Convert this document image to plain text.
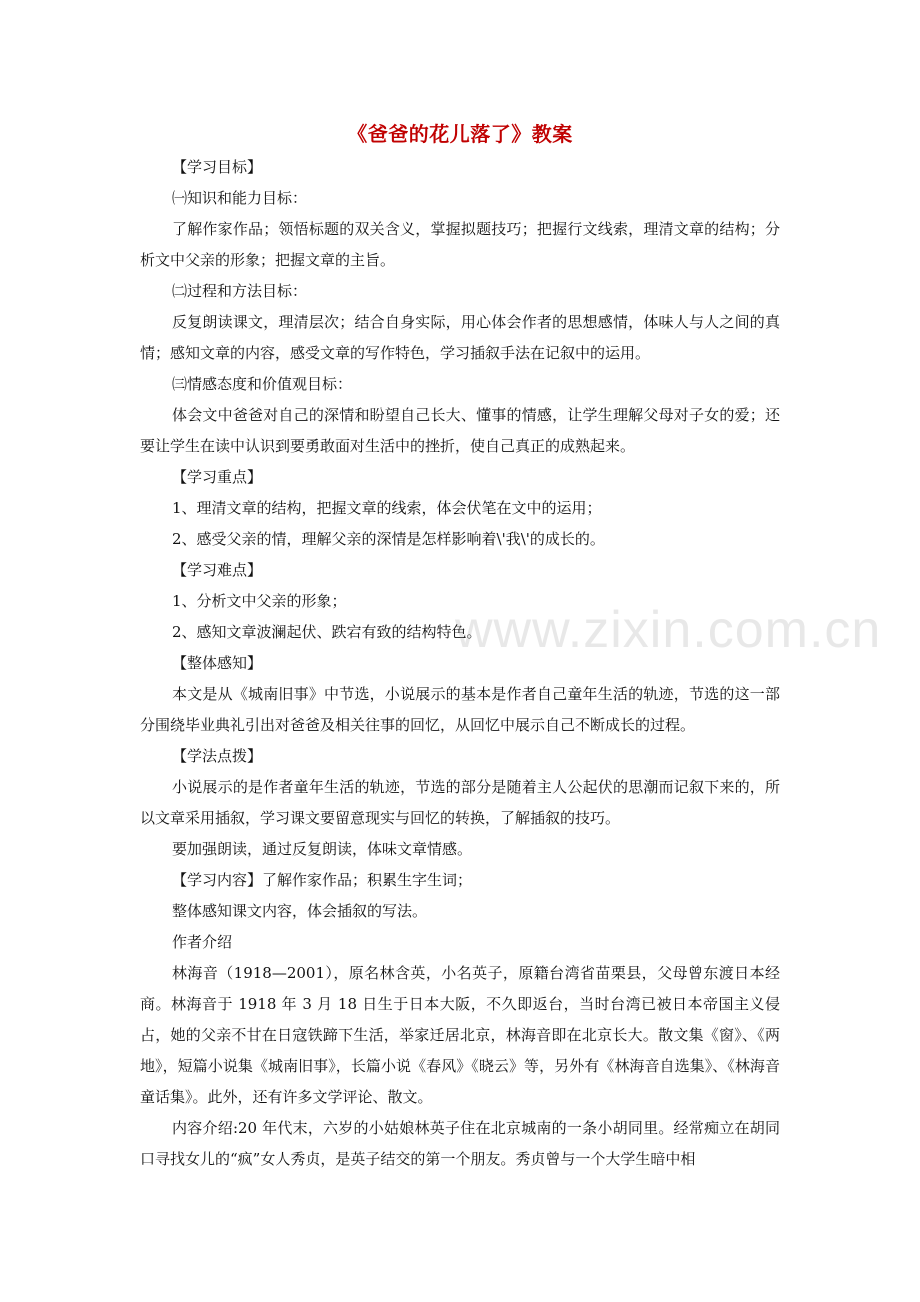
《爸爸的花儿落了》教案

【学习目标】

㈠知识和能力目标：

了解作家作品；领悟标题的双关含义，掌握拟题技巧；把握行文线索，理清文章的结构；分析文中父亲的形象；把握文章的主旨。

㈡过程和方法目标：

反复朗读课文，理清层次；结合自身实际，用心体会作者的思想感情，体味人与人之间的真情；感知文章的内容，感受文章的写作特色，学习插叙手法在记叙中的运用。

㈢情感态度和价值观目标：

体会文中爸爸对自己的深情和盼望自己长大、懂事的情感，让学生理解父母对子女的爱；还要让学生在读中认识到要勇敢面对生活中的挫折，使自己真正的成熟起来。

【学习重点】

1、理清文章的结构，把握文章的线索，体会伏笔在文中的运用；

2、感受父亲的情，理解父亲的深情是怎样影响着\'我\'的成长的。

【学习难点】

1、分析文中父亲的形象；

2、感知文章波澜起伏、跌宕有致的结构特色。

【整体感知】

本文是从《城南旧事》中节选，小说展示的基本是作者自己童年生活的轨迹，节选的这一部分围绕毕业典礼引出对爸爸及相关往事的回忆，从回忆中展示自己不断成长的过程。

【学法点拨】

小说展示的是作者童年生活的轨迹，节选的部分是随着主人公起伏的思潮而记叙下来的，所以文章采用插叙，学习课文要留意现实与回忆的转换，了解插叙的技巧。

要加强朗读，通过反复朗读，体味文章情感。

【学习内容】了解作家作品；积累生字生词；

整体感知课文内容，体会插叙的写法。

作者介绍

林海音（1918—2001），原名林含英，小名英子，原籍台湾省苗栗县，父母曾东渡日本经商。林海音于 1918 年 3 月 18 日生于日本大阪，不久即返台，当时台湾已被日本帝国主义侵占，她的父亲不甘在日寇铁蹄下生活，举家迁居北京，林海音即在北京长大。散文集《窗》、《两地》，短篇小说集《城南旧事》，长篇小说《春风》《晓云》等，另外有《林海音自选集》、《林海音童话集》。此外，还有许多文学评论、散文。

内容介绍:20 年代末，六岁的小姑娘林英子住在北京城南的一条小胡同里。经常痴立在胡同口寻找女儿的“疯”女人秀贞，是英子结交的第一个朋友。秀贞曾与一个大学生暗中相

www.zixin.com.cn
